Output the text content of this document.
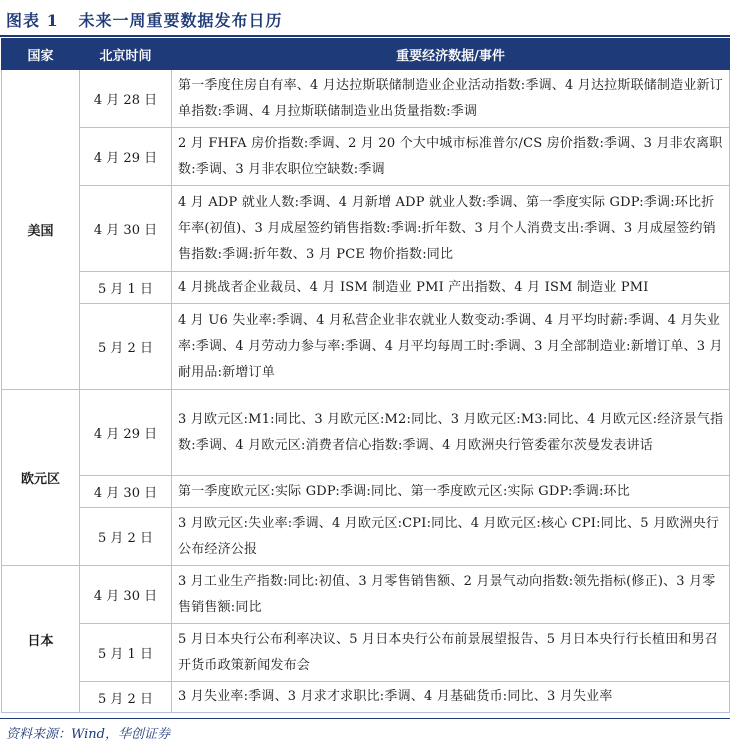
图表 1 未来一周重要数据发布日历
国家	北京时间	重要经济数据/事件
美国	4 月 28 日	第一季度住房自有率、4 月达拉斯联储制造业企业活动指数:季调、4 月达拉斯联储制造业新订单指数:季调、4 月拉斯联储制造业出货量指数:季调
	4 月 29 日	2 月 FHFA 房价指数:季调、2 月 20 个大中城市标准普尔/CS 房价指数:季调、3 月非农离职数:季调、3 月非农职位空缺数:季调
	4 月 30 日	4 月 ADP 就业人数:季调、4 月新增 ADP 就业人数:季调、第一季度实际 GDP:季调:环比折年率(初值)、3 月成屋签约销售指数:季调:折年数、3 月个人消费支出:季调、3 月成屋签约销售指数:季调:折年数、3 月 PCE 物价指数:同比
	5 月 1 日	4 月挑战者企业裁员、4 月 ISM 制造业 PMI 产出指数、4 月 ISM 制造业 PMI
	5 月 2 日	4 月 U6 失业率:季调、4 月私营企业非农就业人数变动:季调、4 月平均时薪:季调、4 月失业率:季调、4 月劳动力参与率:季调、4 月平均每周工时:季调、3 月全部制造业:新增订单、3 月耐用品:新增订单
欧元区	4 月 29 日	3 月欧元区:M1:同比、3 月欧元区:M2:同比、3 月欧元区:M3:同比、4 月欧元区:经济景气指数:季调、4 月欧元区:消费者信心指数:季调、4 月欧洲央行管委霍尔茨曼发表讲话
	4 月 30 日	第一季度欧元区:实际 GDP:季调:同比、第一季度欧元区:实际 GDP:季调:环比
	5 月 2 日	3 月欧元区:失业率:季调、4 月欧元区:CPI:同比、4 月欧元区:核心 CPI:同比、5 月欧洲央行公布经济公报
日本	4 月 30 日	3 月工业生产指数:同比:初值、3 月零售销售额、2 月景气动向指数:领先指标(修正)、3 月零售销售额:同比
	5 月 1 日	5 月日本央行公布利率决议、5 月日本央行公布前景展望报告、5 月日本央行行长植田和男召开货币政策新闻发布会
	5 月 2 日	3 月失业率:季调、3 月求才求职比:季调、4 月基础货币:同比、3 月失业率
资料来源：Wind，华创证券
